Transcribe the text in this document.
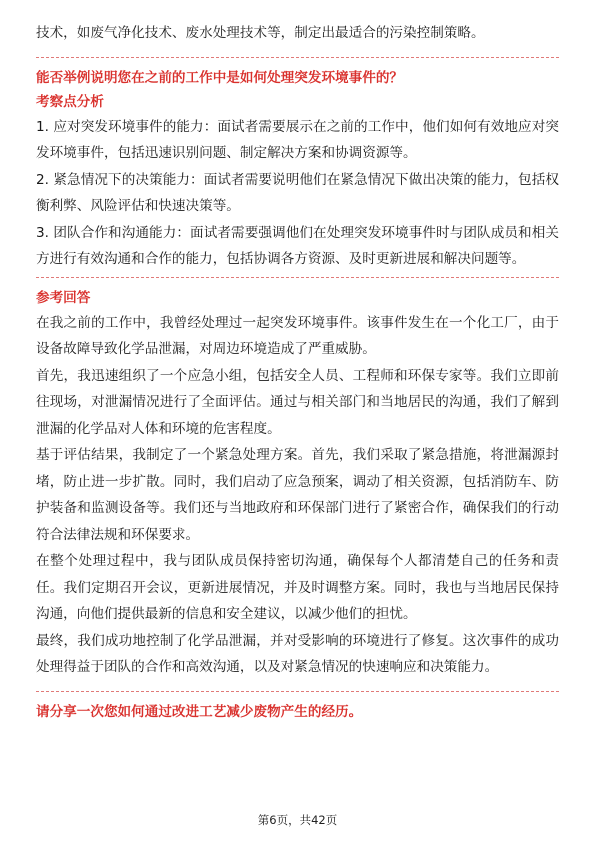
技术，如废气净化技术、废水处理技术等，制定出最适合的污染控制策略。

能否举例说明您在之前的工作中是如何处理突发环境事件的？

考察点分析

1. 应对突发环境事件的能力：面试者需要展示在之前的工作中，他们如何有效地应对突发环境事件，包括迅速识别问题、制定解决方案和协调资源等。

2. 紧急情况下的决策能力：面试者需要说明他们在紧急情况下做出决策的能力，包括权衡利弊、风险评估和快速决策等。

3. 团队合作和沟通能力：面试者需要强调他们在处理突发环境事件时与团队成员和相关方进行有效沟通和合作的能力，包括协调各方资源、及时更新进展和解决问题等。

参考回答

在我之前的工作中，我曾经处理过一起突发环境事件。该事件发生在一个化工厂，由于设备故障导致化学品泄漏，对周边环境造成了严重威胁。

首先，我迅速组织了一个应急小组，包括安全人员、工程师和环保专家等。我们立即前往现场，对泄漏情况进行了全面评估。通过与相关部门和当地居民的沟通，我们了解到泄漏的化学品对人体和环境的危害程度。

基于评估结果，我制定了一个紧急处理方案。首先，我们采取了紧急措施，将泄漏源封堵，防止进一步扩散。同时，我们启动了应急预案，调动了相关资源，包括消防车、防护装备和监测设备等。我们还与当地政府和环保部门进行了紧密合作，确保我们的行动符合法律法规和环保要求。

在整个处理过程中，我与团队成员保持密切沟通，确保每个人都清楚自己的任务和责任。我们定期召开会议，更新进展情况，并及时调整方案。同时，我也与当地居民保持沟通，向他们提供最新的信息和安全建议，以减少他们的担忧。

最终，我们成功地控制了化学品泄漏，并对受影响的环境进行了修复。这次事件的成功处理得益于团队的合作和高效沟通，以及对紧急情况的快速响应和决策能力。

请分享一次您如何通过改进工艺减少废物产生的经历。

第6页，共42页
